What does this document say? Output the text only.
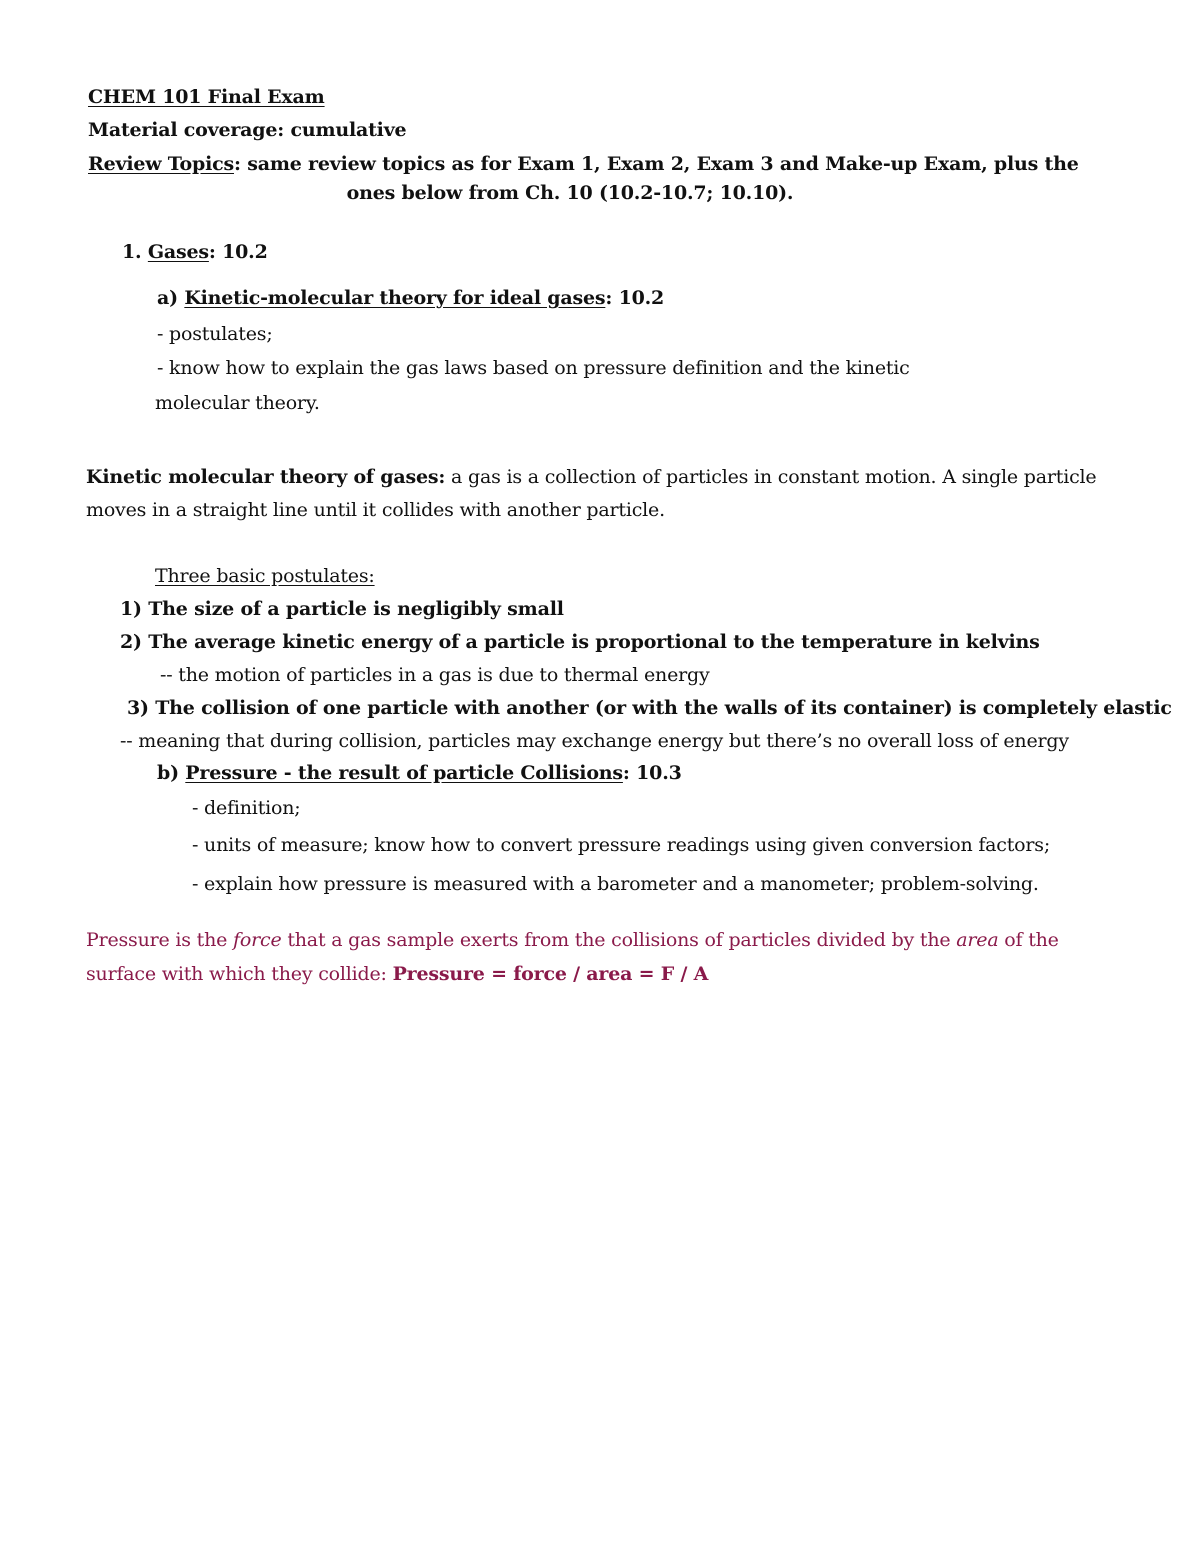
CHEM 101 Final Exam

Material coverage: cumulative

Review Topics: same review topics as for Exam 1, Exam 2, Exam 3 and Make-up Exam, plus the

ones below from Ch. 10 (10.2-10.7; 10.10).

1. Gases: 10.2

a) Kinetic-molecular theory for ideal gases: 10.2

- postulates;

- know how to explain the gas laws based on pressure definition and the kinetic

molecular theory.

Kinetic molecular theory of gases: a gas is a collection of particles in constant motion. A single particle

moves in a straight line until it collides with another particle.

Three basic postulates:

1) The size of a particle is negligibly small

2) The average kinetic energy of a particle is proportional to the temperature in kelvins

-- the motion of particles in a gas is due to thermal energy

3) The collision of one particle with another (or with the walls of its container) is completely elastic

-- meaning that during collision, particles may exchange energy but there’s no overall loss of energy

b) Pressure - the result of particle Collisions: 10.3

- definition;

- units of measure; know how to convert pressure readings using given conversion factors;

- explain how pressure is measured with a barometer and a manometer; problem-solving.

Pressure is the force that a gas sample exerts from the collisions of particles divided by the area of the

surface with which they collide: Pressure = force / area = F / A
